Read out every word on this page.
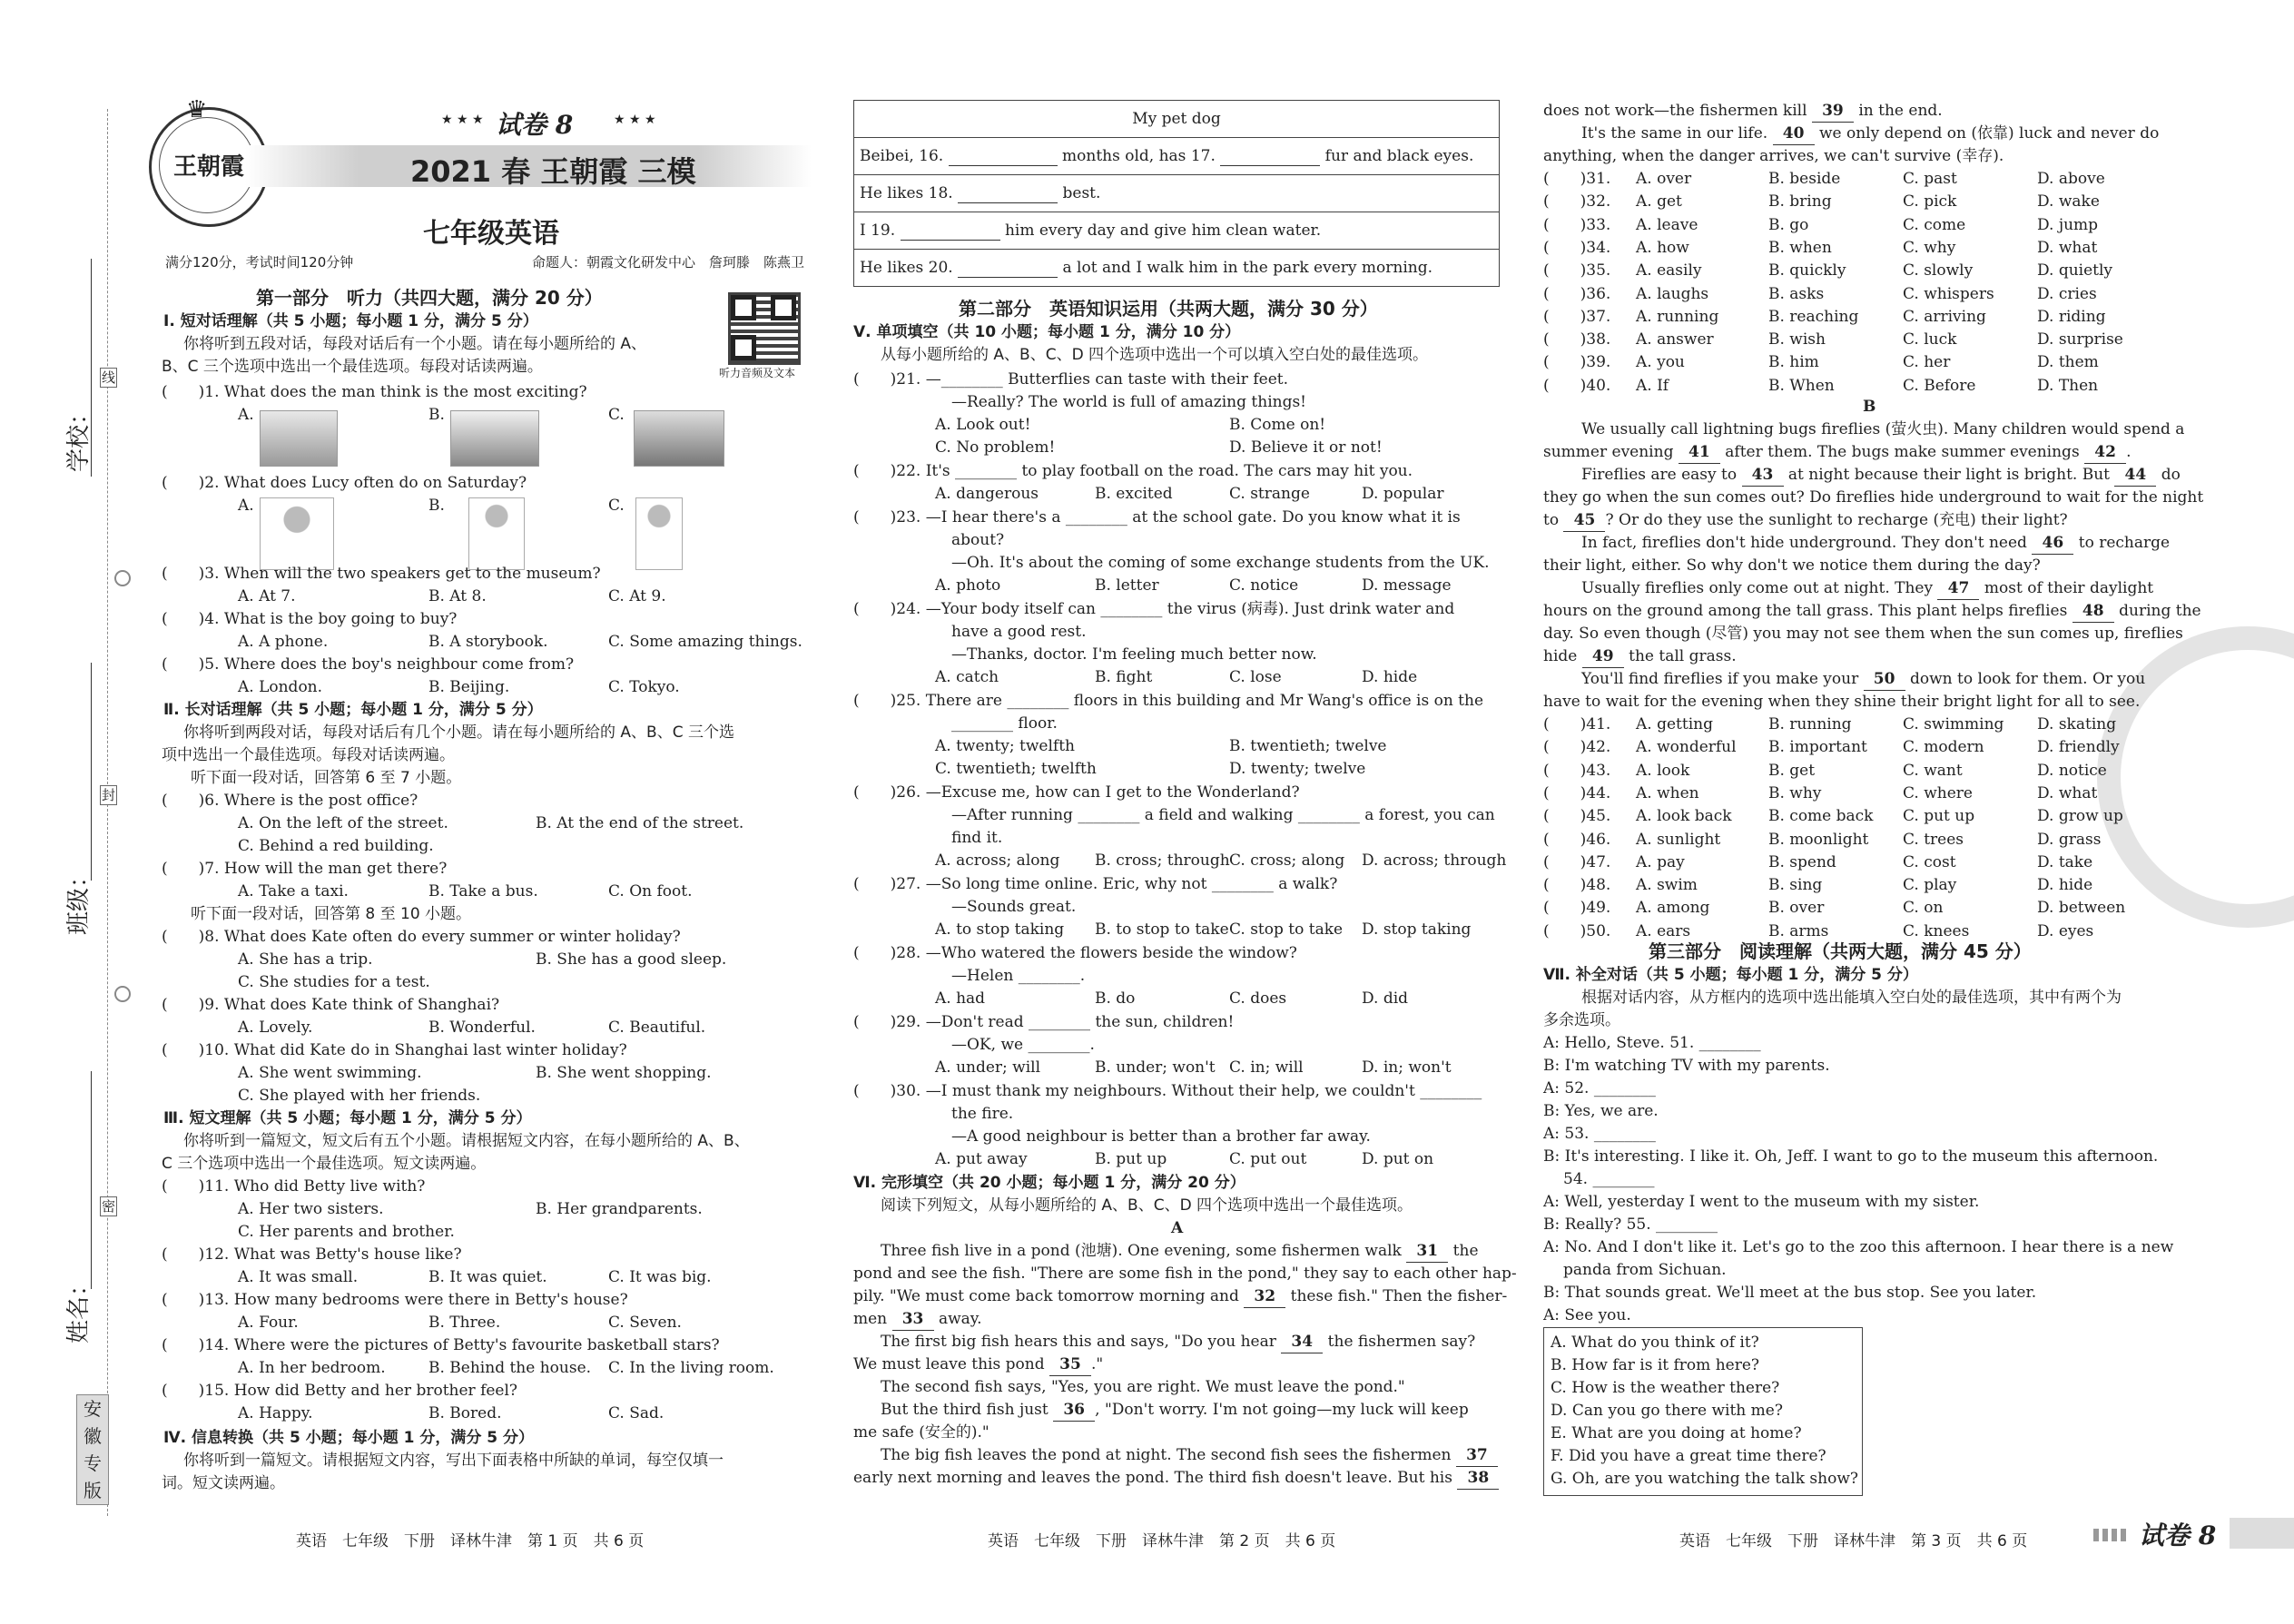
学校：
班级：
姓名：
线
封
密
安
徽
专
版
王朝霞
♛	★ ★ ★ 试卷 8	★ ★ ★
2021 春 王朝霞 三模
七年级英语
满分120分，考试时间120分钟	命题人：朝霞文化研发中心　詹珂滕　陈燕卫
听力音频及文本
第一部分　听力（共四大题，满分 20 分）
Ⅰ. 短对话理解（共 5 小题；每小题 1 分，满分 5 分）
你将听到五段对话，每段对话后有一个小题。请在每小题所给的 A、
B、C 三个选项中选出一个最佳选项。每段对话读两遍。
(　　)1. What does the man think is the most exciting?
A.	B.	C.
(　　)2. What does Lucy often do on Saturday?
A.	B.	C.
(　　)3. When will the two speakers get to the museum?
A. At 7.	B. At 8.	C. At 9.
(　　)4. What is the boy going to buy?
A. A phone.	B. A storybook.	C. Some amazing things.
(　　)5. Where does the boy's neighbour come from?
A. London.	B. Beijing.	C. Tokyo.
Ⅱ. 长对话理解（共 5 小题；每小题 1 分，满分 5 分）
你将听到两段对话，每段对话后有几个小题。请在每小题所给的 A、B、C 三个选
项中选出一个最佳选项。每段对话读两遍。
听下面一段对话，回答第 6 至 7 小题。
(　　)6. Where is the post office?
A. On the left of the street.	B. At the end of the street.
C. Behind a red building.
(　　)7. How will the man get there?
A. Take a taxi.	B. Take a bus.	C. On foot.
听下面一段对话，回答第 8 至 10 小题。
(　　)8. What does Kate often do every summer or winter holiday?
A. She has a trip.	B. She has a good sleep.
C. She studies for a test.
(　　)9. What does Kate think of Shanghai?
A. Lovely.	B. Wonderful.	C. Beautiful.
(　　)10. What did Kate do in Shanghai last winter holiday?
A. She went swimming.	B. She went shopping.
C. She played with her friends.
Ⅲ. 短文理解（共 5 小题；每小题 1 分，满分 5 分）
你将听到一篇短文，短文后有五个小题。请根据短文内容，在每小题所给的 A、B、
C 三个选项中选出一个最佳选项。短文读两遍。
(　　)11. Who did Betty live with?
A. Her two sisters.	B. Her grandparents.
C. Her parents and brother.
(　　)12. What was Betty's house like?
A. It was small.	B. It was quiet.	C. It was big.
(　　)13. How many bedrooms were there in Betty's house?
A. Four.	B. Three.	C. Seven.
(　　)14. Where were the pictures of Betty's favourite basketball stars?
A. In her bedroom.	B. Behind the house. C. In the living room.
(　　)15. How did Betty and her brother feel?
A. Happy.	B. Bored.	C. Sad.
Ⅳ. 信息转换（共 5 小题；每小题 1 分，满分 5 分）
你将听到一篇短文。请根据短文内容，写出下面表格中所缺的单词，每空仅填一
词。短文读两遍。
英语　七年级　下册　译林牛津　第 1 页　共 6 页
My pet dog
Beibei, 16.	months old, has 17.	fur and black eyes.
He likes 18.	best.
I 19.	him every day and give him clean water.
He likes 20.	a lot and I walk him in the park every morning.
第二部分　英语知识运用（共两大题，满分 30 分）
Ⅴ. 单项填空（共 10 小题；每小题 1 分，满分 10 分）
从每小题所给的 A、B、C、D 四个选项中选出一个可以填入空白处的最佳选项。
(　　)21. —________ Butterflies can taste with their feet.
—Really? The world is full of amazing things!
A. Look out!	B. Come on!
C. No problem!	D. Believe it or not!
(　　)22. It's ________ to play football on the road. The cars may hit you.
A. dangerous	B. excited	C. strange	D. popular
(　　)23. —I hear there's a ________ at the school gate. Do you know what it is
about?
—Oh. It's about the coming of some exchange students from the UK.
A. photo	B. letter	C. notice	D. message
(　　)24. —Your body itself can ________ the virus (病毒). Just drink water and
have a good rest.
—Thanks, doctor. I'm feeling much better now.
A. catch	B. fight	C. lose	D. hide
(　　)25. There are ________ floors in this building and Mr Wang's office is on the
________ floor.
A. twenty; twelfth	B. twentieth; twelve
C. twentieth; twelfth	D. twenty; twelve
(　　)26. —Excuse me, how can I get to the Wonderland?
—After running ________ a field and walking ________ a forest, you can
find it.
A. across; along B. cross; through C. cross; along D. across; through
(　　)27. —So long time online. Eric, why not ________ a walk?
—Sounds great.
A. to stop taking B. to stop to take C. stop to take D. stop taking
(　　)28. —Who watered the flowers beside the window?
—Helen ________.
A. had	B. do	C. does	D. did
(　　)29. —Don't read ________ the sun, children!
—OK, we ________.
A. under; will	B. under; won't C. in; will	D. in; won't
(　　)30. —I must thank my neighbours. Without their help, we couldn't ________
the fire.
—A good neighbour is better than a brother far away.
A. put away	B. put up	C. put out	D. put on
Ⅵ. 完形填空（共 20 小题；每小题 1 分，满分 20 分）
阅读下列短文，从每小题所给的 A、B、C、D 四个选项中选出一个最佳选项。
A
Three fish live in a pond (池塘). One evening, some fishermen walk 31 the
pond and see the fish. "There are some fish in the pond," they say to each other hap-
pily. "We must come back tomorrow morning and 32 these fish." Then the fisher-
men 33 away.
The first big fish hears this and says, "Do you hear 34 the fishermen say?
We must leave this pond 35 ."
The second fish says, "Yes, you are right. We must leave the pond."
But the third fish just 36 , "Don't worry. I'm not going—my luck will keep
me safe (安全的)."
The big fish leaves the pond at night. The second fish sees the fishermen 37
early next morning and leaves the pond. The third fish doesn't leave. But his 38
英语　七年级　下册　译林牛津　第 2 页　共 6 页
does not work—the fishermen kill 39 in the end.
It's the same in our life. 40 we only depend on (依靠) luck and never do
anything, when the danger arrives, we can't survive (幸存).
(　　)31. A. over	B. beside	C. past	D. above
(　　)32. A. get	B. bring	C. pick	D. wake
(　　)33. A. leave	B. go	C. come	D. jump
(　　)34. A. how	B. when	C. why	D. what
(　　)35. A. easily	B. quickly	C. slowly	D. quietly
(　　)36. A. laughs	B. asks	C. whispers	D. cries
(　　)37. A. running	B. reaching	C. arriving	D. riding
(　　)38. A. answer	B. wish	C. luck	D. surprise
(　　)39. A. you	B. him	C. her	D. them
(　　)40. A. If	B. When	C. Before	D. Then
B
We usually call lightning bugs fireflies (萤火虫). Many children would spend a
summer evening 41 after them. The bugs make summer evenings 42 .
Fireflies are easy to 43 at night because their light is bright. But 44 do
they go when the sun comes out? Do fireflies hide underground to wait for the night
to 45 ? Or do they use the sunlight to recharge (充电) their light?
In fact, fireflies don't hide underground. They don't need 46 to recharge
their light, either. So why don't we notice them during the day?
Usually fireflies only come out at night. They 47 most of their daylight
hours on the ground among the tall grass. This plant helps fireflies 48 during the
day. So even though (尽管) you may not see them when the sun comes up, fireflies
hide 49 the tall grass.
You'll find fireflies if you make your 50 down to look for them. Or you
have to wait for the evening when they shine their bright light for all to see.
(　　)41. A. getting	B. running	C. swimming D. skating
(　　)42. A. wonderful B. important C. modern	D. friendly
(　　)43. A. look	B. get	C. want	D. notice
(　　)44. A. when	B. why	C. where	D. what
(　　)45. A. look back B. come back C. put up	D. grow up
(　　)46. A. sunlight	B. moonlight C. trees	D. grass
(　　)47. A. pay	B. spend	C. cost	D. take
(　　)48. A. swim	B. sing	C. play	D. hide
(　　)49. A. among	B. over	C. on	D. between
(　　)50. A. ears	B. arms	C. knees	D. eyes
第三部分　阅读理解（共两大题，满分 45 分）
Ⅶ. 补全对话（共 5 小题；每小题 1 分，满分 5 分）
根据对话内容，从方框内的选项中选出能填入空白处的最佳选项，其中有两个为
多余选项。
A: Hello, Steve. 51. ________
B: I'm watching TV with my parents.
A: 52. ________
B: Yes, we are.
A: 53. ________
B: It's interesting. I like it. Oh, Jeff. I want to go to the museum this afternoon.
54. ________
A: Well, yesterday I went to the museum with my sister.
B: Really? 55. ________
A: No. And I don't like it. Let's go to the zoo this afternoon. I hear there is a new
panda from Sichuan.
B: That sounds great. We'll meet at the bus stop. See you later.
A: See you.
A. What do you think of it?
B. How far is it from here?
C. How is the weather there?
D. Can you go there with me?
E. What are you doing at home?
F. Did you have a great time there?
G. Oh, are you watching the talk show?
英语　七年级　下册　译林牛津　第 3 页　共 6 页	试卷 8
